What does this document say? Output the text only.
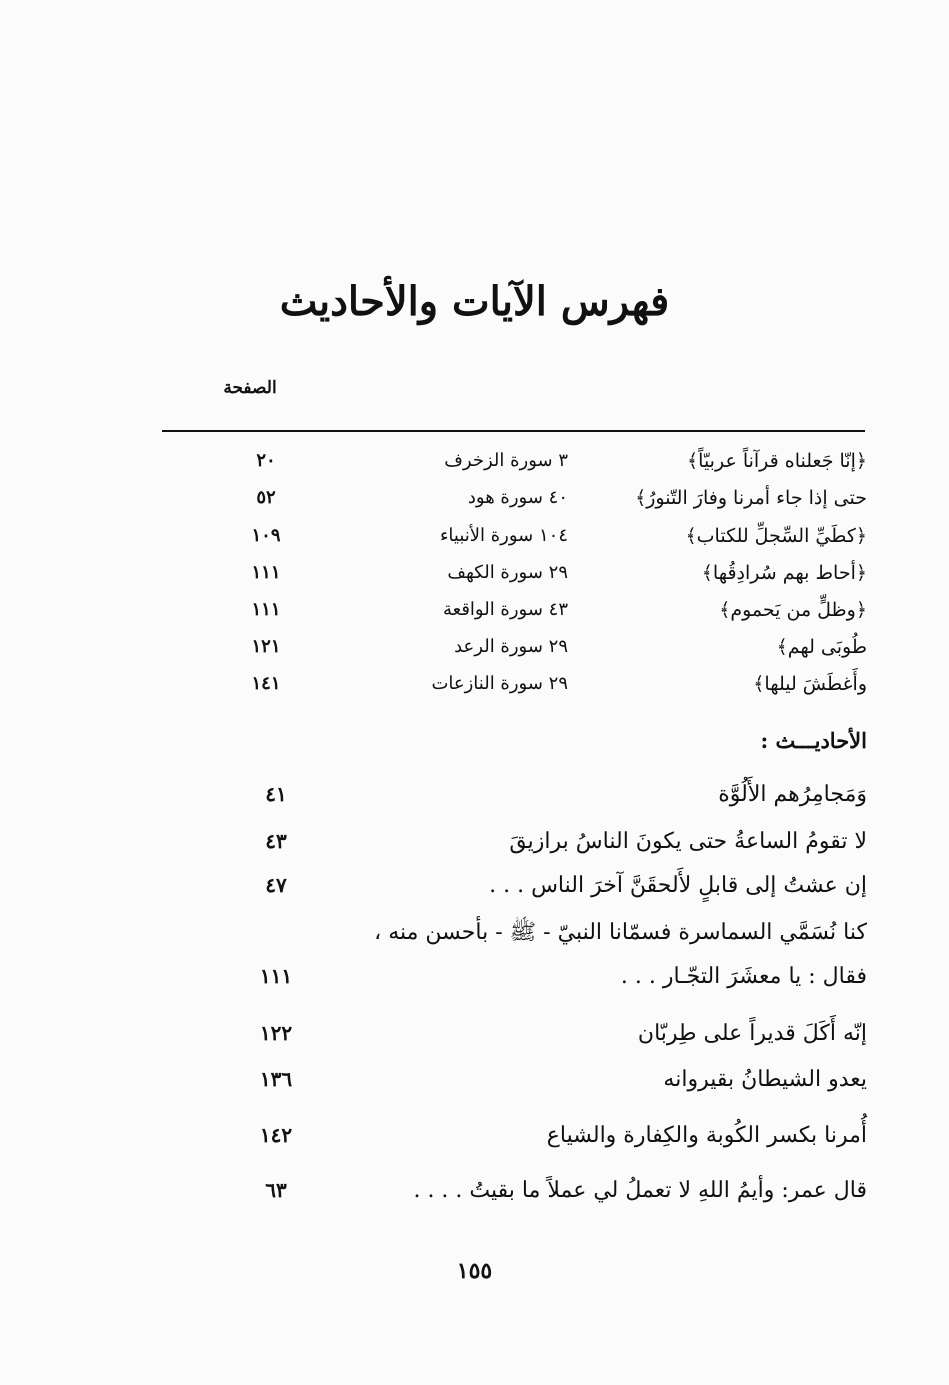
فهرس الآيات والأحاديث
الصفحة
﴿إنّا جَعلناه قرآناً عربيّاً﴾
٣ سورة الزخرف
٢٠
حتى إذا جاء أمرنا وفارَ التّنورُ﴾
٤٠ سورة هود
٥٢
﴿كطَيِّ السِّجلِّ للكتاب﴾
١٠٤ سورة الأنبياء
١٠٩
﴿أحاط بهم سُرادِقُها﴾
٢٩ سورة الكهف
١١١
﴿وظلٍّ من يَحموم﴾
٤٣ سورة الواقعة
١١١
طُوبَى لهم﴾
٢٩ سورة الرعد
١٢١
وأَغطَشَ ليلها﴾
٢٩ سورة النازعات
١٤١
الأحاديـــث :
وَمَجامِرُهم الأَلُوَّة
٤١
لا تقومُ الساعةُ حتى يكونَ الناسُ برازيقَ
٤٣
إن عشتُ إلى قابلٍ لأَلحقَنَّ آخرَ الناس . . .
٤٧
كنا نُسَمَّي السماسرة فسمّانا النبيّ - ﷺ - بأحسن منه ،
فقال : يا معشَرَ التجّـار . . .
١١١
إنّه أَكَلَ قديراً على طِربّان
١٢٢
يعدو الشيطانُ بقيروانه
١٣٦
أُمرنا بكسر الكُوبة والكِفارة والشياع
١٤٢
قال عمر: وأيمُ اللهِ لا تعملُ لي عملاً ما بقيتُ . . . .
٦٣
١٥٥
